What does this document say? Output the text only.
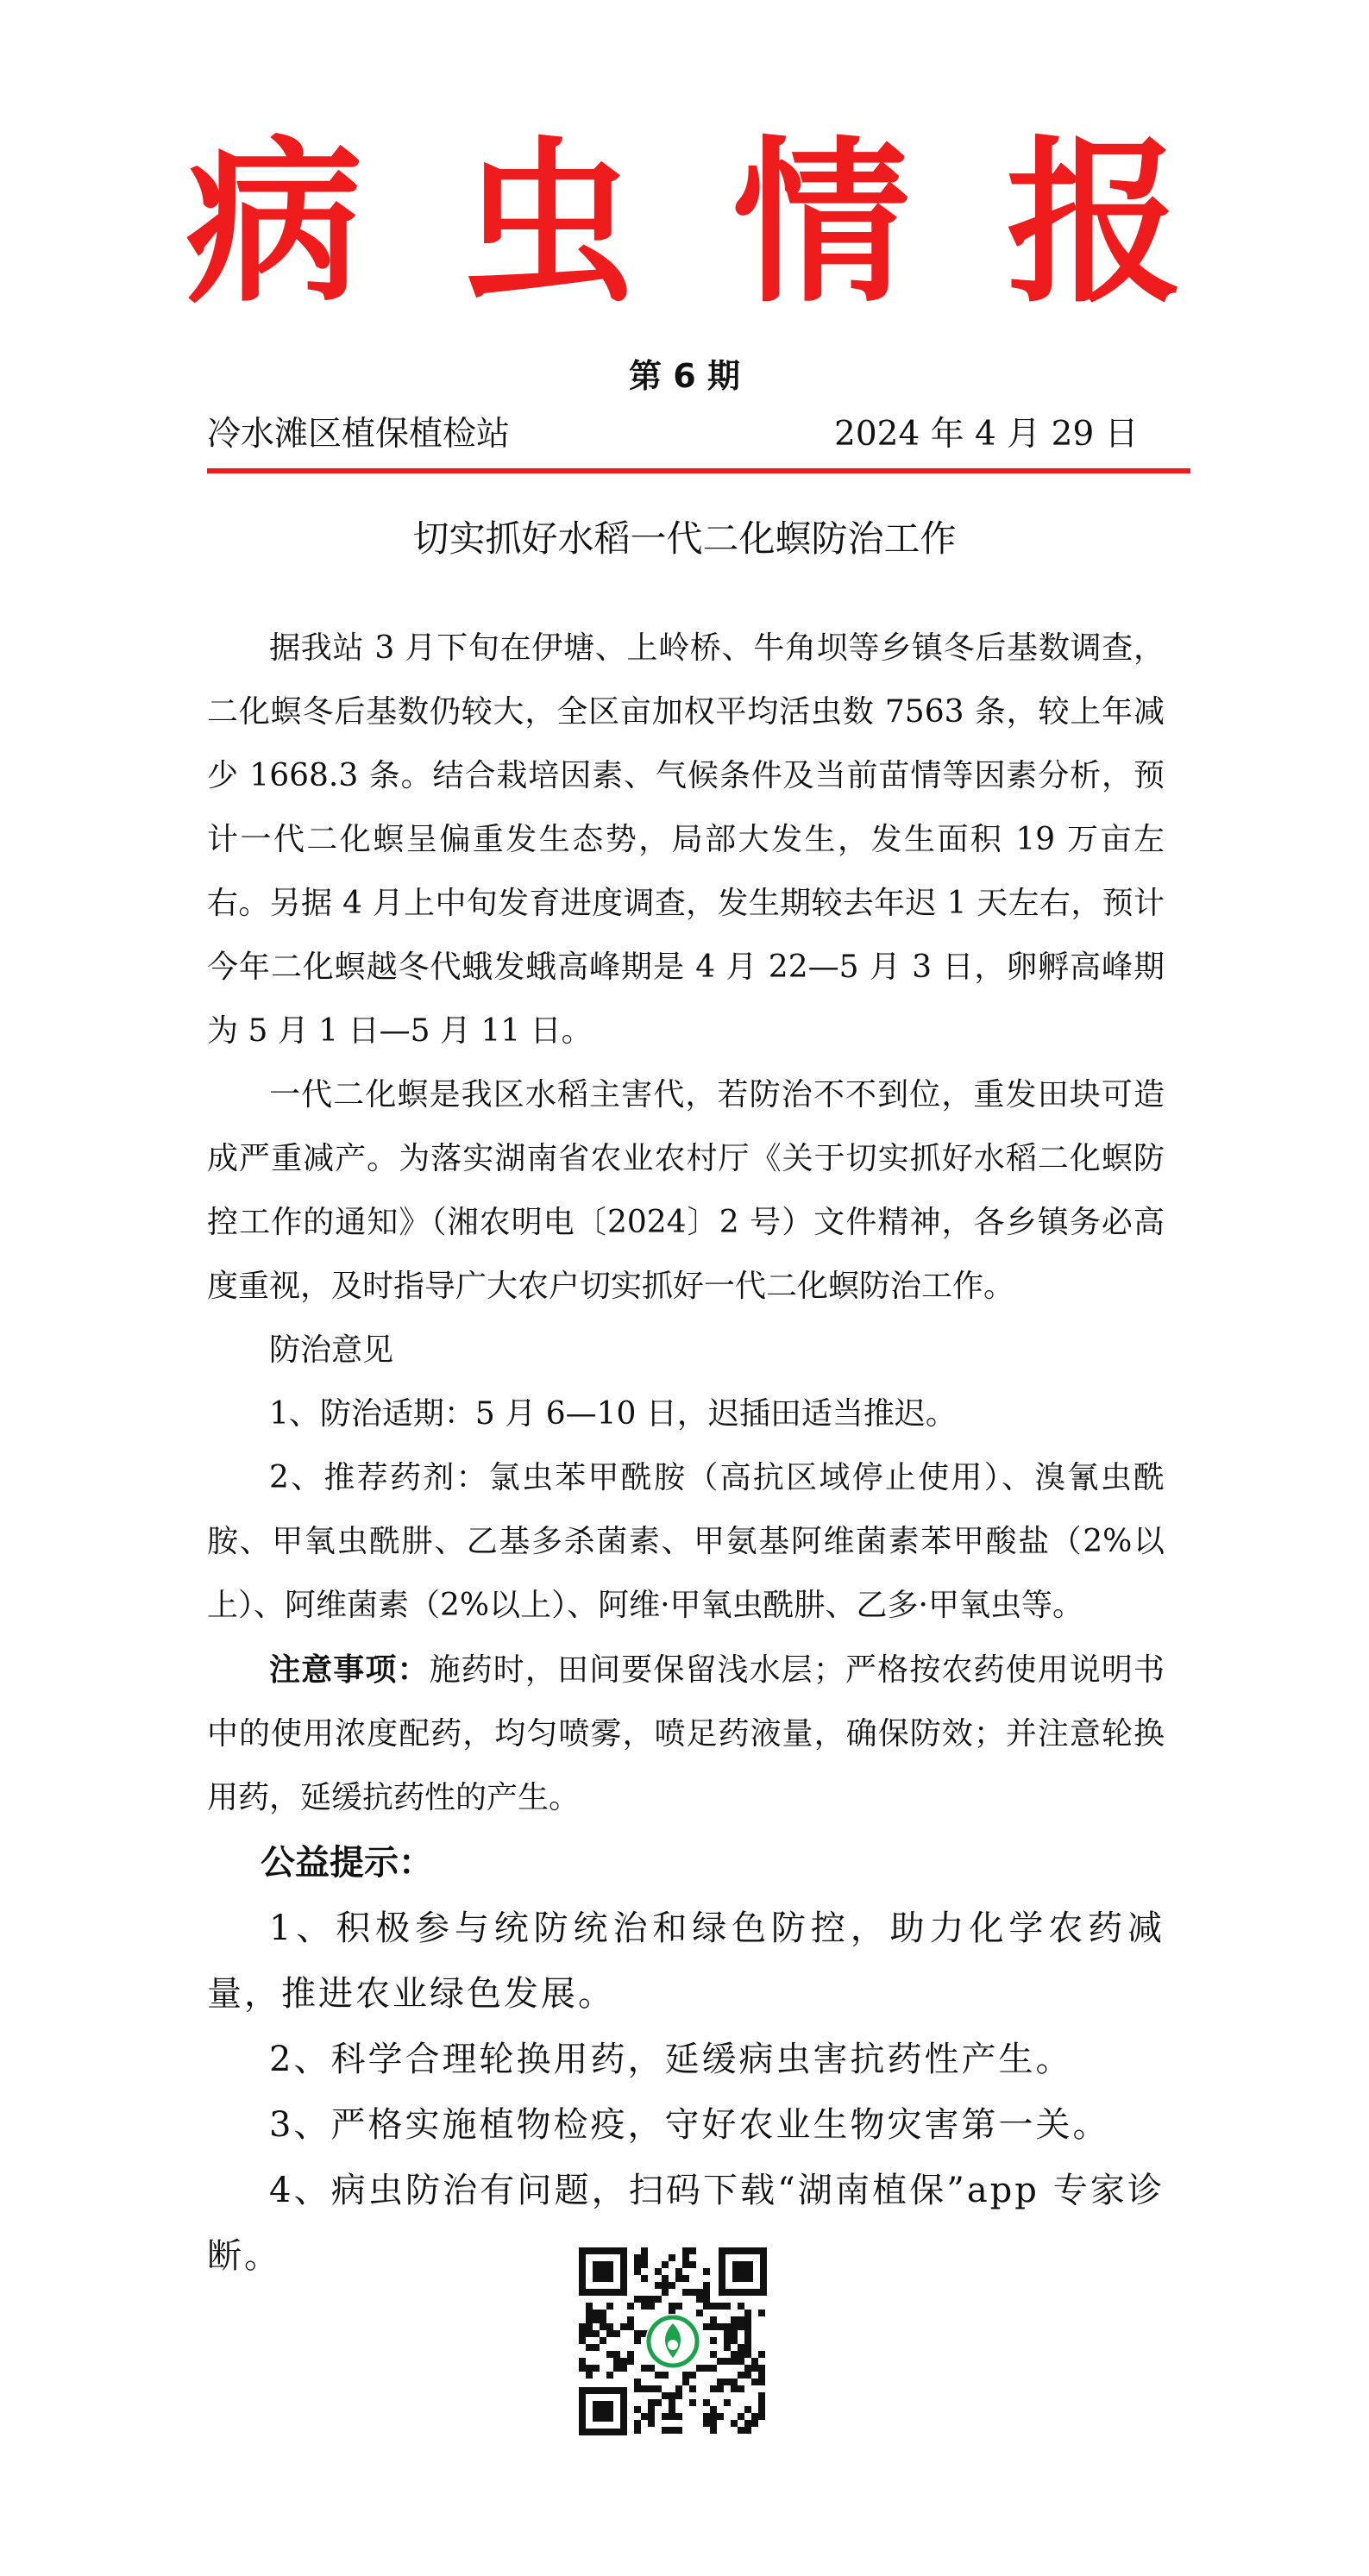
病虫情报
第 6 期
冷水滩区植保植检站	2024 年 4 月 29 日
切实抓好水稻一代二化螟防治工作

据我站 3 月下旬在伊塘、上岭桥、牛角坝等乡镇冬后基数调查，二化螟冬后基数仍较大，全区亩加权平均活虫数 7563 条，较上年减少 1668.3 条。结合栽培因素、气候条件及当前苗情等因素分析，预计一代二化螟呈偏重发生态势，局部大发生，发生面积 19 万亩左右。另据 4 月上中旬发育进度调查，发生期较去年迟 1 天左右，预计今年二化螟越冬代蛾发蛾高峰期是 4 月 22—5 月 3 日，卵孵高峰期为 5 月 1 日—5 月 11 日。

一代二化螟是我区水稻主害代，若防治不不到位，重发田块可造成严重减产。为落实湖南省农业农村厅《关于切实抓好水稻二化螟防控工作的通知》（湘农明电〔2024〕2 号）文件精神，各乡镇务必高度重视，及时指导广大农户切实抓好一代二化螟防治工作。

防治意见

1、防治适期：5 月 6—10 日，迟插田适当推迟。

2、推荐药剂：氯虫苯甲酰胺（高抗区域停止使用）、溴氰虫酰胺、甲氧虫酰肼、乙基多杀菌素、甲氨基阿维菌素苯甲酸盐（2%以上）、阿维菌素（2%以上）、阿维·甲氧虫酰肼、乙多·甲氧虫等。

注意事项：施药时，田间要保留浅水层；严格按农药使用说明书中的使用浓度配药，均匀喷雾，喷足药液量，确保防效；并注意轮换用药，延缓抗药性的产生。

公益提示：

1、积极参与统防统治和绿色防控，助力化学农药减量，推进农业绿色发展。

2、科学合理轮换用药，延缓病虫害抗药性产生。

3、严格实施植物检疫，守好农业生物灾害第一关。

4、病虫防治有问题，扫码下载“湖南植保”app 专家诊断。
